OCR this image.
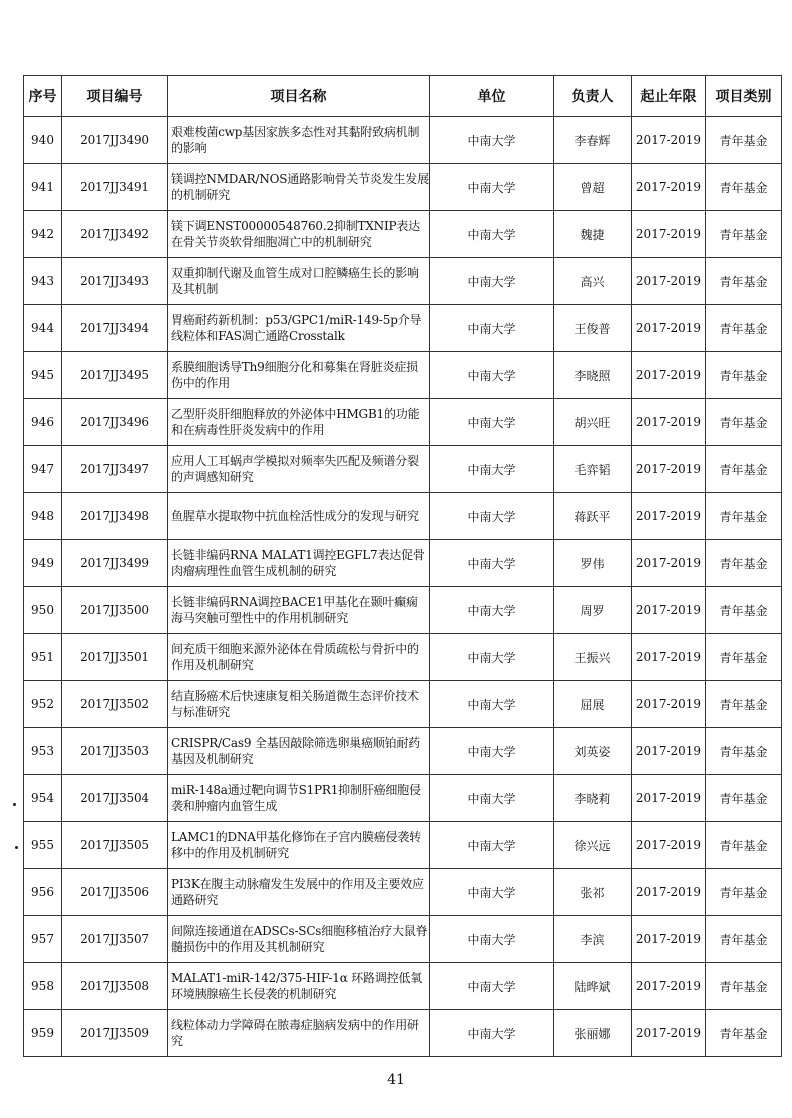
序号	项目编号	项目名称	单位	负责人	起止年限	项目类别
940	2017JJ3490	艰难梭菌cwp基因家族多态性对其黏附致病机制的影响	中南大学	李春辉	2017-2019	青年基金
941	2017JJ3491	镁调控NMDAR/NOS通路影响骨关节炎发生发展的机制研究	中南大学	曾超	2017-2019	青年基金
942	2017JJ3492	镁下调ENST00000548760.2抑制TXNIP表达在骨关节炎软骨细胞凋亡中的机制研究	中南大学	魏捷	2017-2019	青年基金
943	2017JJ3493	双重抑制代谢及血管生成对口腔鳞癌生长的影响及其机制	中南大学	高兴	2017-2019	青年基金
944	2017JJ3494	胃癌耐药新机制：p53/GPC1/miR-149-5p介导线粒体和FAS凋亡通路Crosstalk	中南大学	王俊普	2017-2019	青年基金
945	2017JJ3495	系膜细胞诱导Th9细胞分化和募集在肾脏炎症损伤中的作用	中南大学	李晓照	2017-2019	青年基金
946	2017JJ3496	乙型肝炎肝细胞释放的外泌体中HMGB1的功能和在病毒性肝炎发病中的作用	中南大学	胡兴旺	2017-2019	青年基金
947	2017JJ3497	应用人工耳蜗声学模拟对频率失匹配及频谱分裂的声调感知研究	中南大学	毛弈韬	2017-2019	青年基金
948	2017JJ3498	鱼腥草水提取物中抗血栓活性成分的发现与研究	中南大学	蒋跃平	2017-2019	青年基金
949	2017JJ3499	长链非编码RNA MALAT1调控EGFL7表达促骨肉瘤病理性血管生成机制的研究	中南大学	罗伟	2017-2019	青年基金
950	2017JJ3500	长链非编码RNA调控BACE1甲基化在颞叶癫痫海马突触可塑性中的作用机制研究	中南大学	周罗	2017-2019	青年基金
951	2017JJ3501	间充质干细胞来源外泌体在骨质疏松与骨折中的作用及机制研究	中南大学	王振兴	2017-2019	青年基金
952	2017JJ3502	结直肠癌术后快速康复相关肠道微生态评价技术与标准研究	中南大学	屈展	2017-2019	青年基金
953	2017JJ3503	CRISPR/Cas9 全基因敲除筛选卵巢癌顺铂耐药基因及机制研究	中南大学	刘英姿	2017-2019	青年基金
954	2017JJ3504	miR-148a通过靶向调节S1PR1抑制肝癌细胞侵袭和肿瘤内血管生成	中南大学	李晓莉	2017-2019	青年基金
955	2017JJ3505	LAMC1的DNA甲基化修饰在子宫内膜癌侵袭转移中的作用及机制研究	中南大学	徐兴远	2017-2019	青年基金
956	2017JJ3506	PI3K在腹主动脉瘤发生发展中的作用及主要效应通路研究	中南大学	张祁	2017-2019	青年基金
957	2017JJ3507	间隙连接通道在ADSCs-SCs细胞移植治疗大鼠脊髓损伤中的作用及其机制研究	中南大学	李滨	2017-2019	青年基金
958	2017JJ3508	MALAT1-miR-142/375-HIF-1α 环路调控低氧环境胰腺癌生长侵袭的机制研究	中南大学	陆晔斌	2017-2019	青年基金
959	2017JJ3509	线粒体动力学障碍在脓毒症脑病发病中的作用研究	中南大学	张丽娜	2017-2019	青年基金
41
